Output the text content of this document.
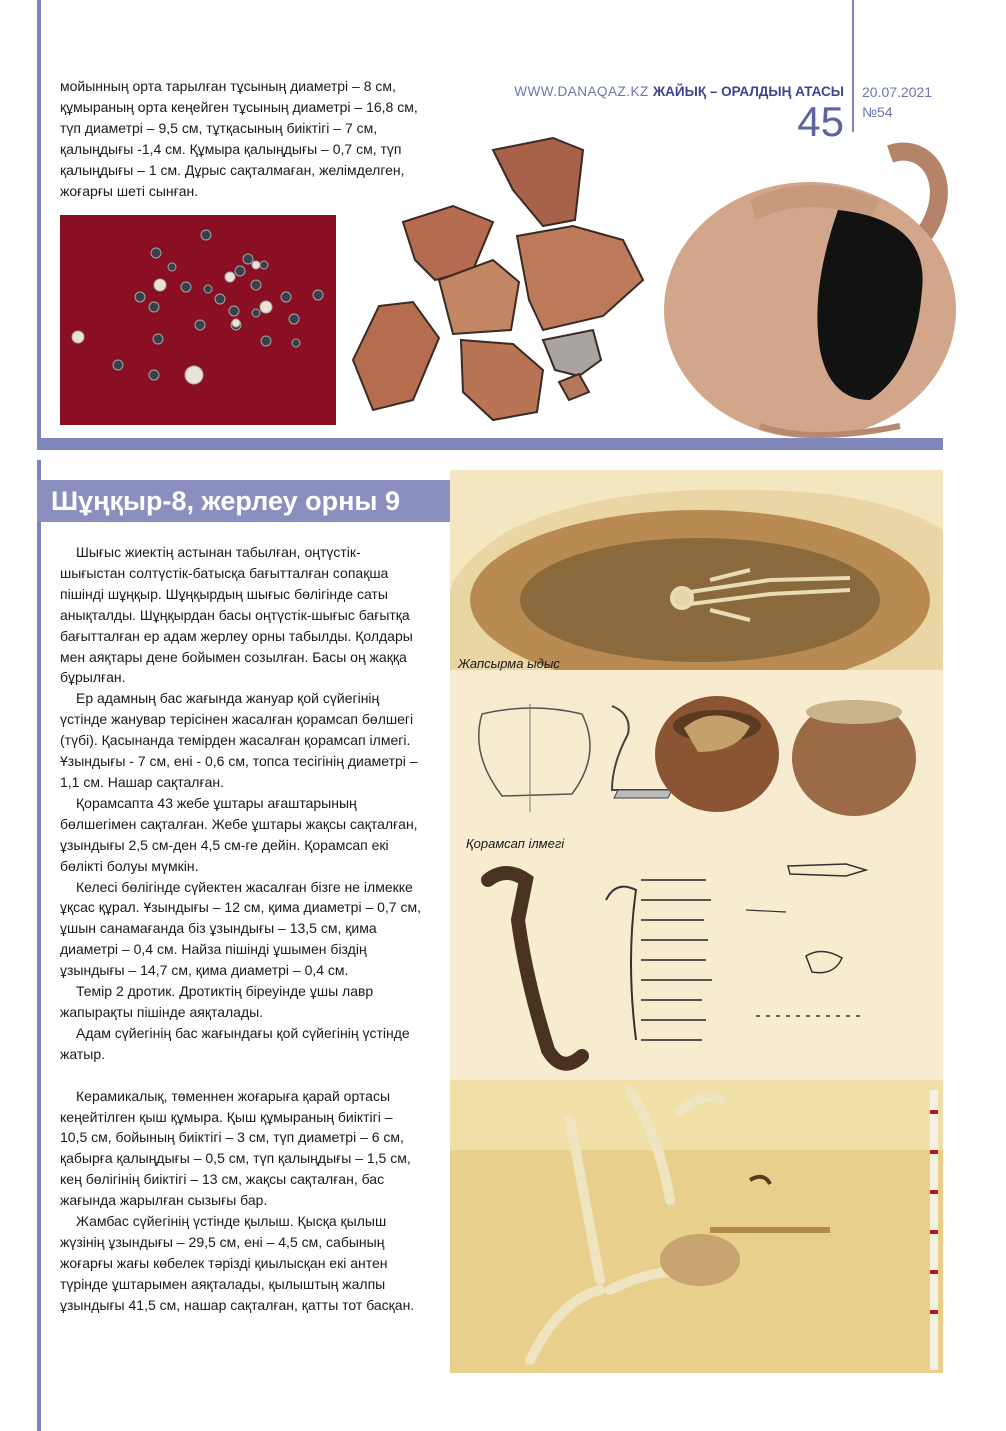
WWW.DANAQAZ.KZ ЖАЙЫҚ – ОРАЛДЫҢ АТАСЫ
45
20.07.2021
№54

мойынның орта тарылған тұсының диаметрі – 8 см,

құмыраның орта кеңейген тұсының диаметрі – 16,8 см,

түп диаметрі – 9,5 см, тұтқасының биіктігі – 7 см,

қалыңдығы -1,4 см. Құмыра қалыңдығы – 0,7 см, түп

қалыңдығы – 1 см. Дұрыс сақталмаған, желімделген,

жоғарғы шеті сынған.

Шұңқыр-8, жерлеу орны 9

Шығыс жиектің астынан табылған, оңтүстік-шығыстан солтүстік-батысқа бағытталған сопақша пішінді шұңқыр. Шұңқырдың шығыс бөлігінде саты анықталды. Шұңқырдан басы оңтүстік-шығыс бағытқа бағытталған ер адам жерлеу орны табылды. Қолдары мен аяқтары дене бойымен созылған. Басы оң жаққа бұрылған.

Ер адамның бас жағында жануар қой сүйегінің үстінде жанувар терісінен жасалған қорамсап бөлшегі (түбі). Қасынанда темірден жасалған қорамсап ілмегі. Ұзындығы - 7 см, ені - 0,6 см, топса тесігінің диаметрі – 1,1 см. Нашар сақталған.

Қорамсапта 43 жебе ұштары ағаштарының бөлшегімен сақталған. Жебе ұштары жақсы сақталған, ұзындығы 2,5 см-ден 4,5 см-ге дейін. Қорамсап екі бөлікті болуы мүмкін.

Келесі бөлігінде сүйектен жасалған бізге не ілмекке ұқсас құрал. Ұзындығы – 12 см, қима диаметрі – 0,7 см, ұшын санамағанда біз ұзындығы – 13,5 см, қима диаметрі – 0,4 см. Найза пішінді ұшымен біздің ұзындығы – 14,7 см, қима диаметрі – 0,4 см.

Темір 2 дротик. Дротиктің біреуінде ұшы лавр жапырақты пішінде аяқталады.

Адам сүйегінің бас жағындағы қой сүйегінің үстінде жатыр.

Керамикалық, төменнен жоғарыға қарай ортасы кеңейтілген қыш құмыра. Қыш құмыраның биіктігі – 10,5 см, бойының биіктігі – 3 см, түп диаметрі – 6 см, қабырға қалыңдығы – 0,5 см, түп қалыңдығы – 1,5 см, кең бөлігінің биіктігі – 13 см, жақсы сақталған, бас жағында жарылған сызығы бар.

Жамбас сүйегінің үстінде қылыш. Қысқа қылыш жүзінің ұзындығы – 29,5 см, ені – 4,5 см, сабының жоғарғы жағы көбелек тәрізді қиылысқан екі антен түрінде ұштарымен аяқталады, қылыштың жалпы ұзындығы 41,5 см, нашар сақталған, қатты тот басқан.

Жапсырма ыдыс
Қорамсап ілмегі
